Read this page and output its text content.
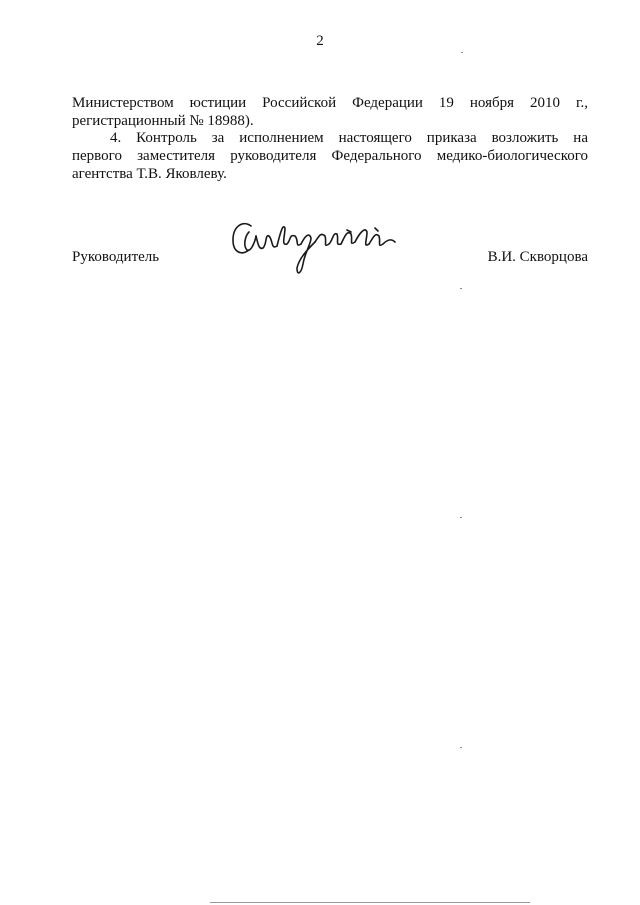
2
Министерством юстиции Российской Федерации 19 ноября 2010 г.,
регистрационный № 18988).
4. Контроль за исполнением настоящего приказа возложить на
первого заместителя руководителя Федерального медико-биологического
агентства Т.В. Яковлеву.
Руководитель	В.И. Скворцова
